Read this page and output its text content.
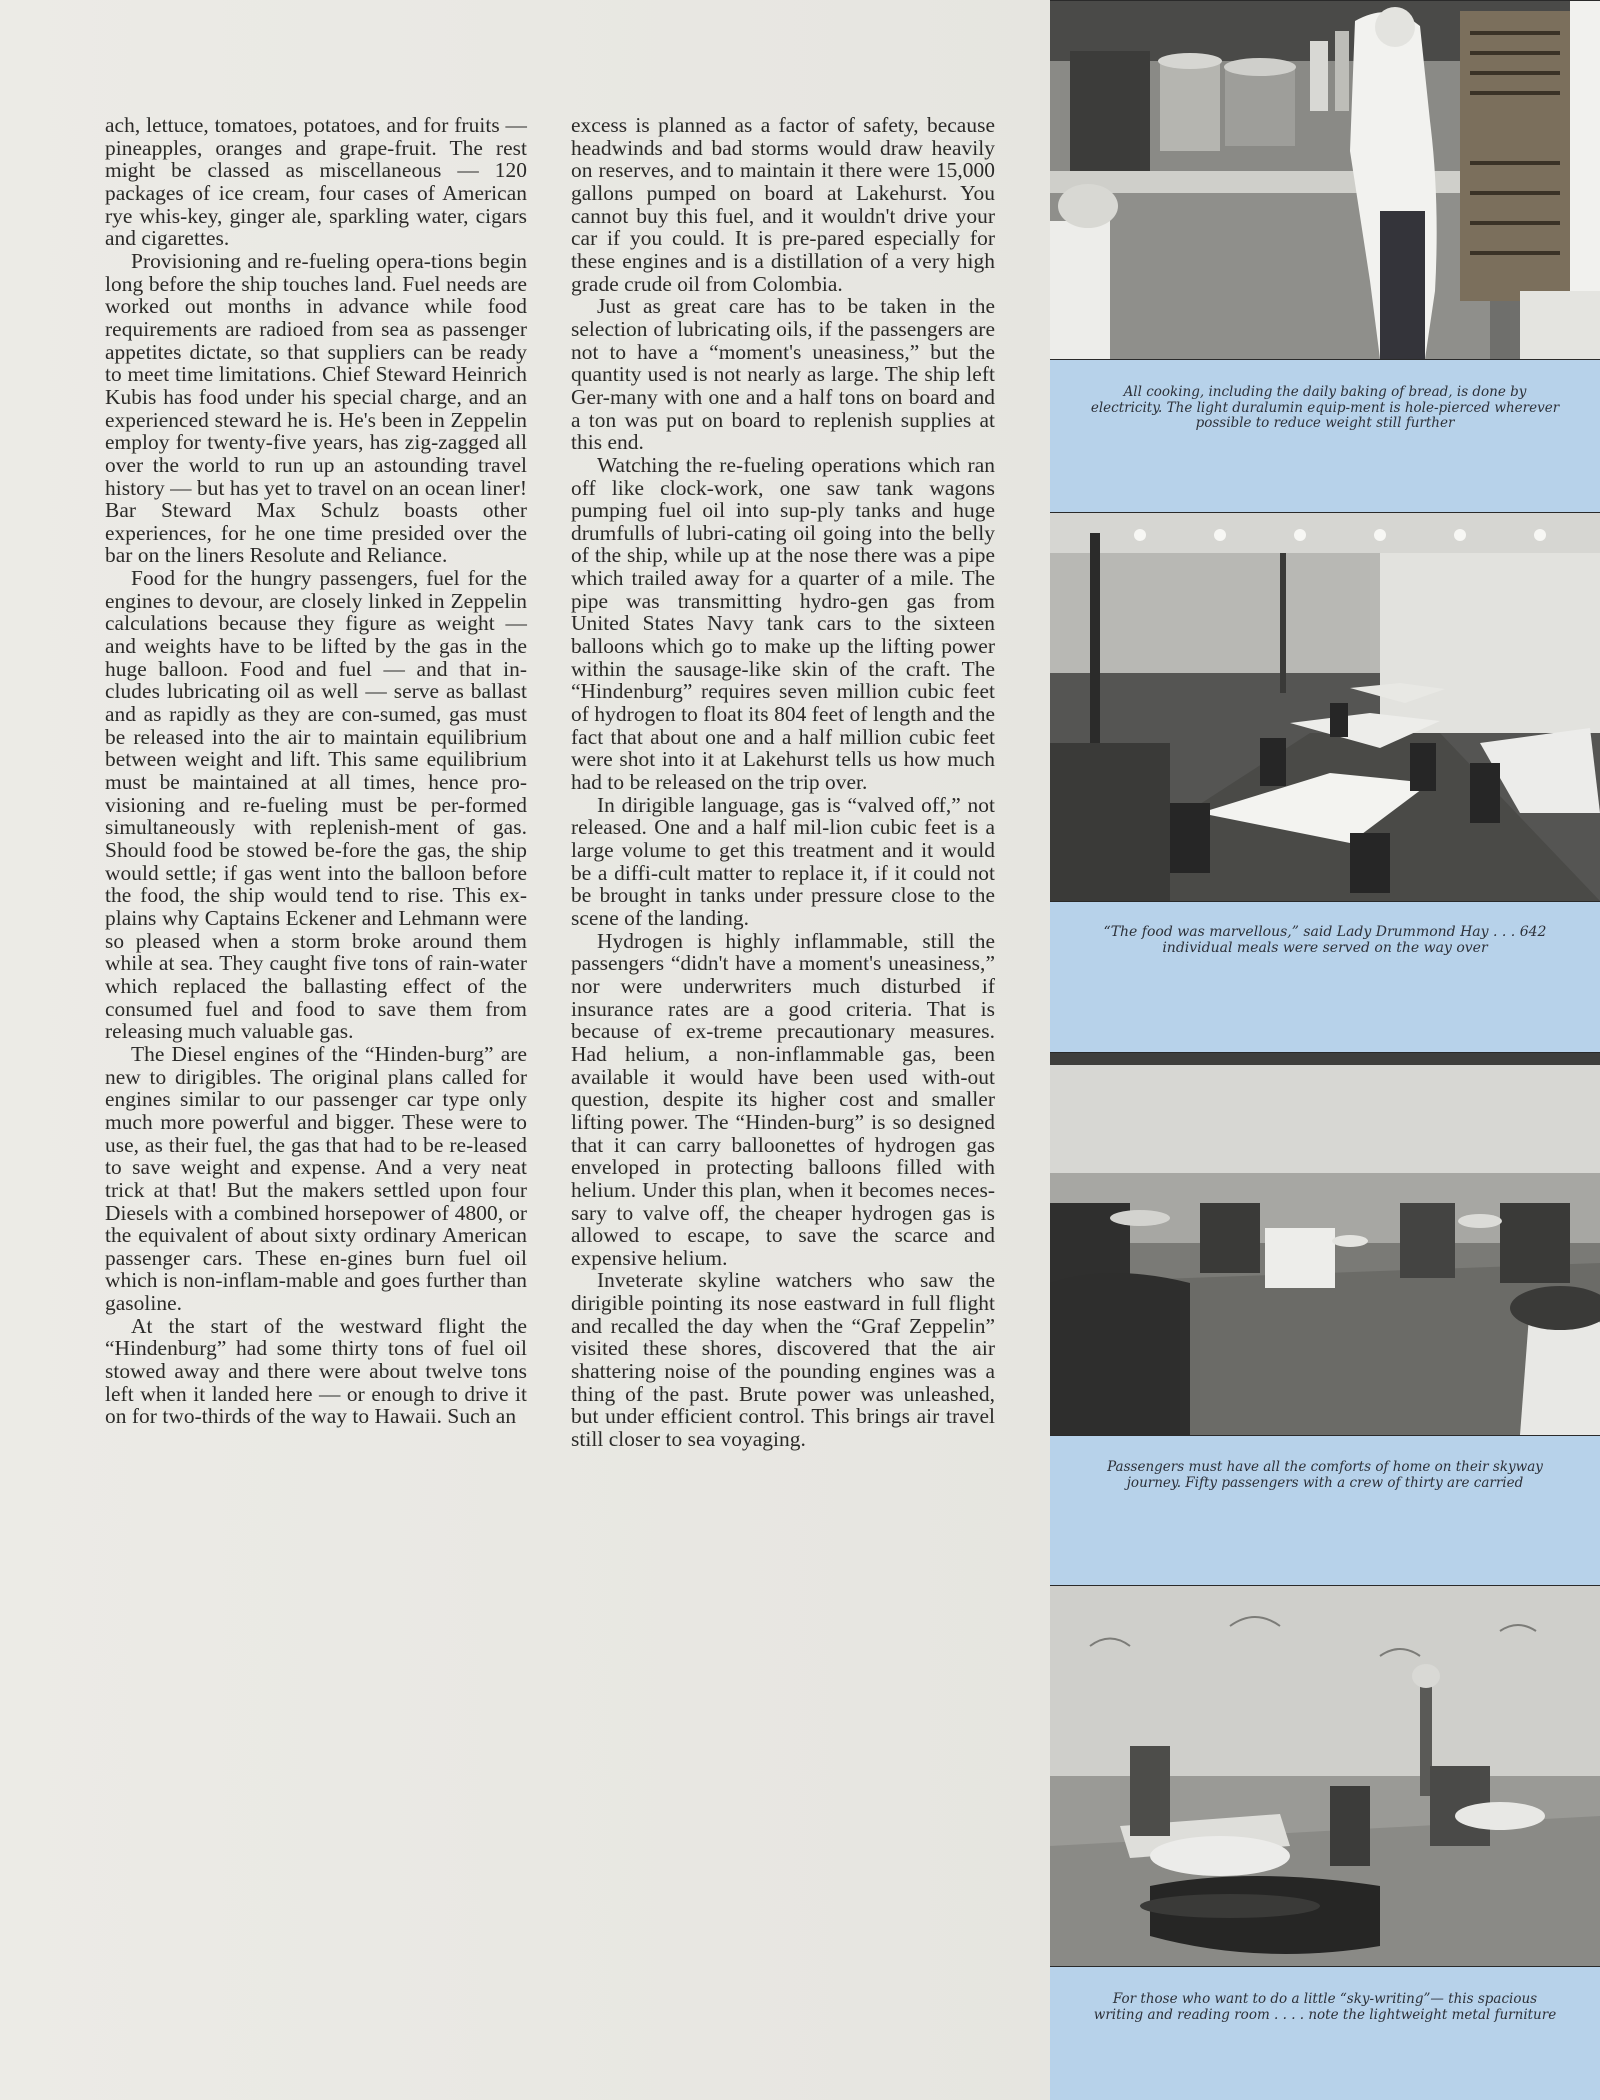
ach, lettuce, tomatoes, potatoes, and for fruits — pineapples, oranges and grape-fruit. The rest might be classed as miscellaneous — 120 packages of ice cream, four cases of American rye whis-key, ginger ale, sparkling water, cigars and cigarettes.

Provisioning and re-fueling opera-tions begin long before the ship touches land. Fuel needs are worked out months in advance while food requirements are radioed from sea as passenger appetites dictate, so that suppliers can be ready to meet time limitations. Chief Steward Heinrich Kubis has food under his special charge, and an experienced steward he is. He's been in Zeppelin employ for twenty-five years, has zig-zagged all over the world to run up an astounding travel history — but has yet to travel on an ocean liner! Bar Steward Max Schulz boasts other experiences, for he one time presided over the bar on the liners Resolute and Reliance.

Food for the hungry passengers, fuel for the engines to devour, are closely linked in Zeppelin calculations because they figure as weight — and weights have to be lifted by the gas in the huge balloon. Food and fuel — and that in-cludes lubricating oil as well — serve as ballast and as rapidly as they are con-sumed, gas must be released into the air to maintain equilibrium between weight and lift. This same equilibrium must be maintained at all times, hence pro-visioning and re-fueling must be per-formed simultaneously with replenish-ment of gas. Should food be stowed be-fore the gas, the ship would settle; if gas went into the balloon before the food, the ship would tend to rise. This ex-plains why Captains Eckener and Lehmann were so pleased when a storm broke around them while at sea. They caught five tons of rain-water which replaced the ballasting effect of the consumed fuel and food to save them from releasing much valuable gas.

The Diesel engines of the “Hinden-burg” are new to dirigibles. The original plans called for engines similar to our passenger car type only much more powerful and bigger. These were to use, as their fuel, the gas that had to be re-leased to save weight and expense. And a very neat trick at that! But the makers settled upon four Diesels with a combined horsepower of 4800, or the equivalent of about sixty ordinary American passenger cars. These en-gines burn fuel oil which is non-inflam-mable and goes further than gasoline.

At the start of the westward flight the “Hindenburg” had some thirty tons of fuel oil stowed away and there were about twelve tons left when it landed here — or enough to drive it on for two-thirds of the way to Hawaii. Such an

excess is planned as a factor of safety, because headwinds and bad storms would draw heavily on reserves, and to maintain it there were 15,000 gallons pumped on board at Lakehurst. You cannot buy this fuel, and it wouldn't drive your car if you could. It is pre-pared especially for these engines and is a distillation of a very high grade crude oil from Colombia.

Just as great care has to be taken in the selection of lubricating oils, if the passengers are not to have a “moment's uneasiness,” but the quantity used is not nearly as large. The ship left Ger-many with one and a half tons on board and a ton was put on board to replenish supplies at this end.

Watching the re-fueling operations which ran off like clock-work, one saw tank wagons pumping fuel oil into sup-ply tanks and huge drumfulls of lubri-cating oil going into the belly of the ship, while up at the nose there was a pipe which trailed away for a quarter of a mile. The pipe was transmitting hydro-gen gas from United States Navy tank cars to the sixteen balloons which go to make up the lifting power within the sausage-like skin of the craft. The “Hindenburg” requires seven million cubic feet of hydrogen to float its 804 feet of length and the fact that about one and a half million cubic feet were shot into it at Lakehurst tells us how much had to be released on the trip over.

In dirigible language, gas is “valved off,” not released. One and a half mil-lion cubic feet is a large volume to get this treatment and it would be a diffi-cult matter to replace it, if it could not be brought in tanks under pressure close to the scene of the landing.

Hydrogen is highly inflammable, still the passengers “didn't have a moment's uneasiness,” nor were underwriters much disturbed if insurance rates are a good criteria. That is because of ex-treme precautionary measures. Had helium, a non-inflammable gas, been available it would have been used with-out question, despite its higher cost and smaller lifting power. The “Hinden-burg” is so designed that it can carry balloonettes of hydrogen gas enveloped in protecting balloons filled with helium. Under this plan, when it becomes neces-sary to valve off, the cheaper hydrogen gas is allowed to escape, to save the scarce and expensive helium.

Inveterate skyline watchers who saw the dirigible pointing its nose eastward in full flight and recalled the day when the “Graf Zeppelin” visited these shores, discovered that the air shattering noise of the pounding engines was a thing of the past. Brute power was unleashed, but under efficient control. This brings air travel still closer to sea voyaging.

All cooking, including the daily baking of bread, is done by electricity. The light duralumin equip-ment is hole-pierced wherever possible to reduce weight still further
“The food was marvellous,” said Lady Drummond Hay . . . 642 individual meals were served on the way over
Passengers must have all the comforts of home on their skyway journey. Fifty passengers with a crew of thirty are carried
For those who want to do a little “sky-writing”— this spacious writing and reading room . . . . note the lightweight metal furniture
